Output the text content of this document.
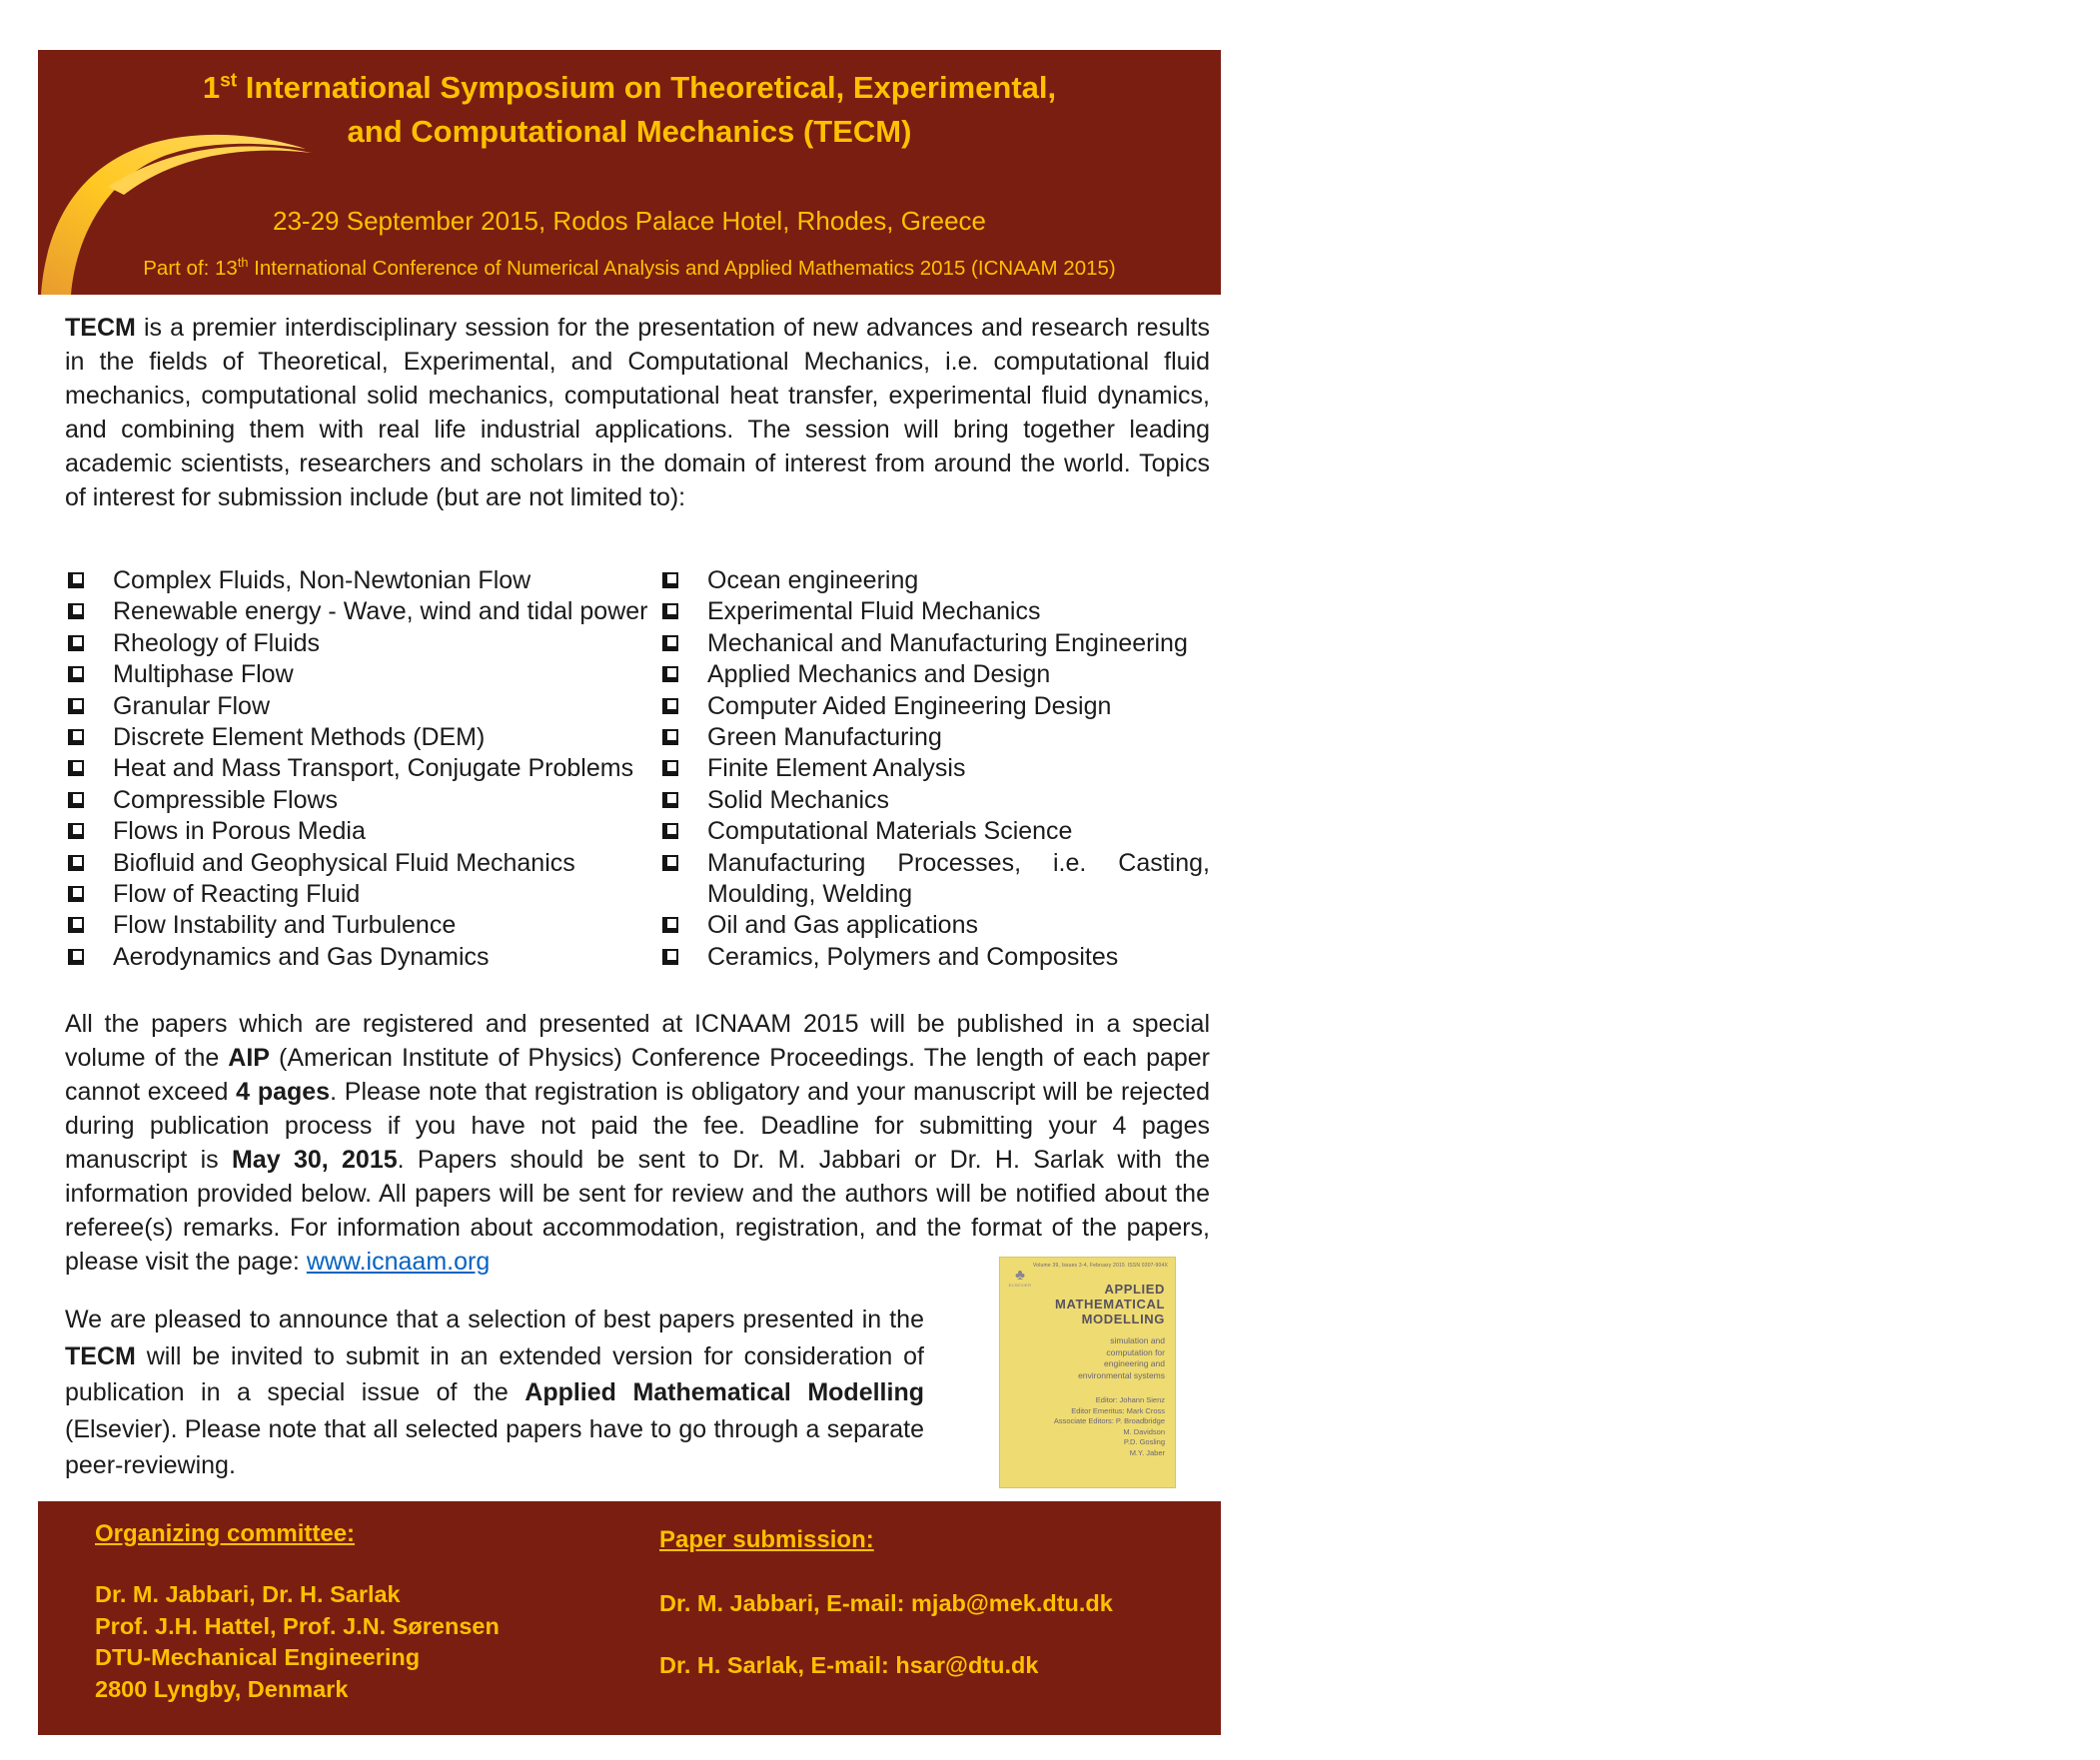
1st International Symposium on Theoretical, Experimental,
and Computational Mechanics (TECM)
23-29 September 2015, Rodos Palace Hotel, Rhodes, Greece
Part of: 13th International Conference of Numerical Analysis and Applied Mathematics 2015 (ICNAAM 2015)

TECM is a premier interdisciplinary session for the presentation of new advances and research results in the fields of Theoretical, Experimental, and Computational Mechanics, i.e. computational fluid mechanics, computational solid mechanics, computational heat transfer, experimental fluid dynamics, and combining them with real life industrial applications. The session will bring together leading academic scientists, researchers and scholars in the domain of interest from around the world. Topics of interest for submission include (but are not limited to):

Complex Fluids, Non-Newtonian Flow
Renewable energy - Wave, wind and tidal power
Rheology of Fluids
Multiphase Flow
Granular Flow
Discrete Element Methods (DEM)
Heat and Mass Transport, Conjugate Problems
Compressible Flows
Flows in Porous Media
Biofluid and Geophysical Fluid Mechanics
Flow of Reacting Fluid
Flow Instability and Turbulence
Aerodynamics and Gas Dynamics
Ocean engineering
Experimental Fluid Mechanics
Mechanical and Manufacturing Engineering
Applied Mechanics and Design
Computer Aided Engineering Design
Green Manufacturing
Finite Element Analysis
Solid Mechanics
Computational Materials Science
Manufacturing Processes, i.e. Casting, Moulding, Welding
Oil and Gas applications
Ceramics, Polymers and Composites

All the papers which are registered and presented at ICNAAM 2015 will be published in a special volume of the AIP (American Institute of Physics) Conference Proceedings. The length of each paper cannot exceed 4 pages. Please note that registration is obligatory and your manuscript will be rejected during publication process if you have not paid the fee. Deadline for submitting your 4 pages manuscript is May 30, 2015. Papers should be sent to Dr. M. Jabbari or Dr. H. Sarlak with the information provided below. All papers will be sent for review and the authors will be notified about the referee(s) remarks. For information about accommodation, registration, and the format of the papers, please visit the page: www.icnaam.org

We are pleased to announce that a selection of best papers presented in the TECM will be invited to submit in an extended version for consideration of publication in a special issue of the Applied Mathematical Modelling (Elsevier). Please note that all selected papers have to go through a separate peer-reviewing.

Volume 39, Issues 3-4, February 2015 ISSN 0307-904X
♣
ELSEVIER	APPLIED
MATHEMATICAL
MODELLING
simulation and
computation for
engineering and
environmental systems
Editor: Johann Sienz
Editor Emeritus: Mark Cross
Associate Editors: P. Broadbridge
M. Davidson
P.D. Gosling
M.Y. Jaber
Organizing committee:
Dr. M. Jabbari, Dr. H. Sarlak
Prof. J.H. Hattel, Prof. J.N. Sørensen
DTU-Mechanical Engineering
2800 Lyngby, Denmark
Paper submission:
Dr. M. Jabbari, E-mail: mjab@mek.dtu.dk
Dr. H. Sarlak, E-mail: hsar@dtu.dk
